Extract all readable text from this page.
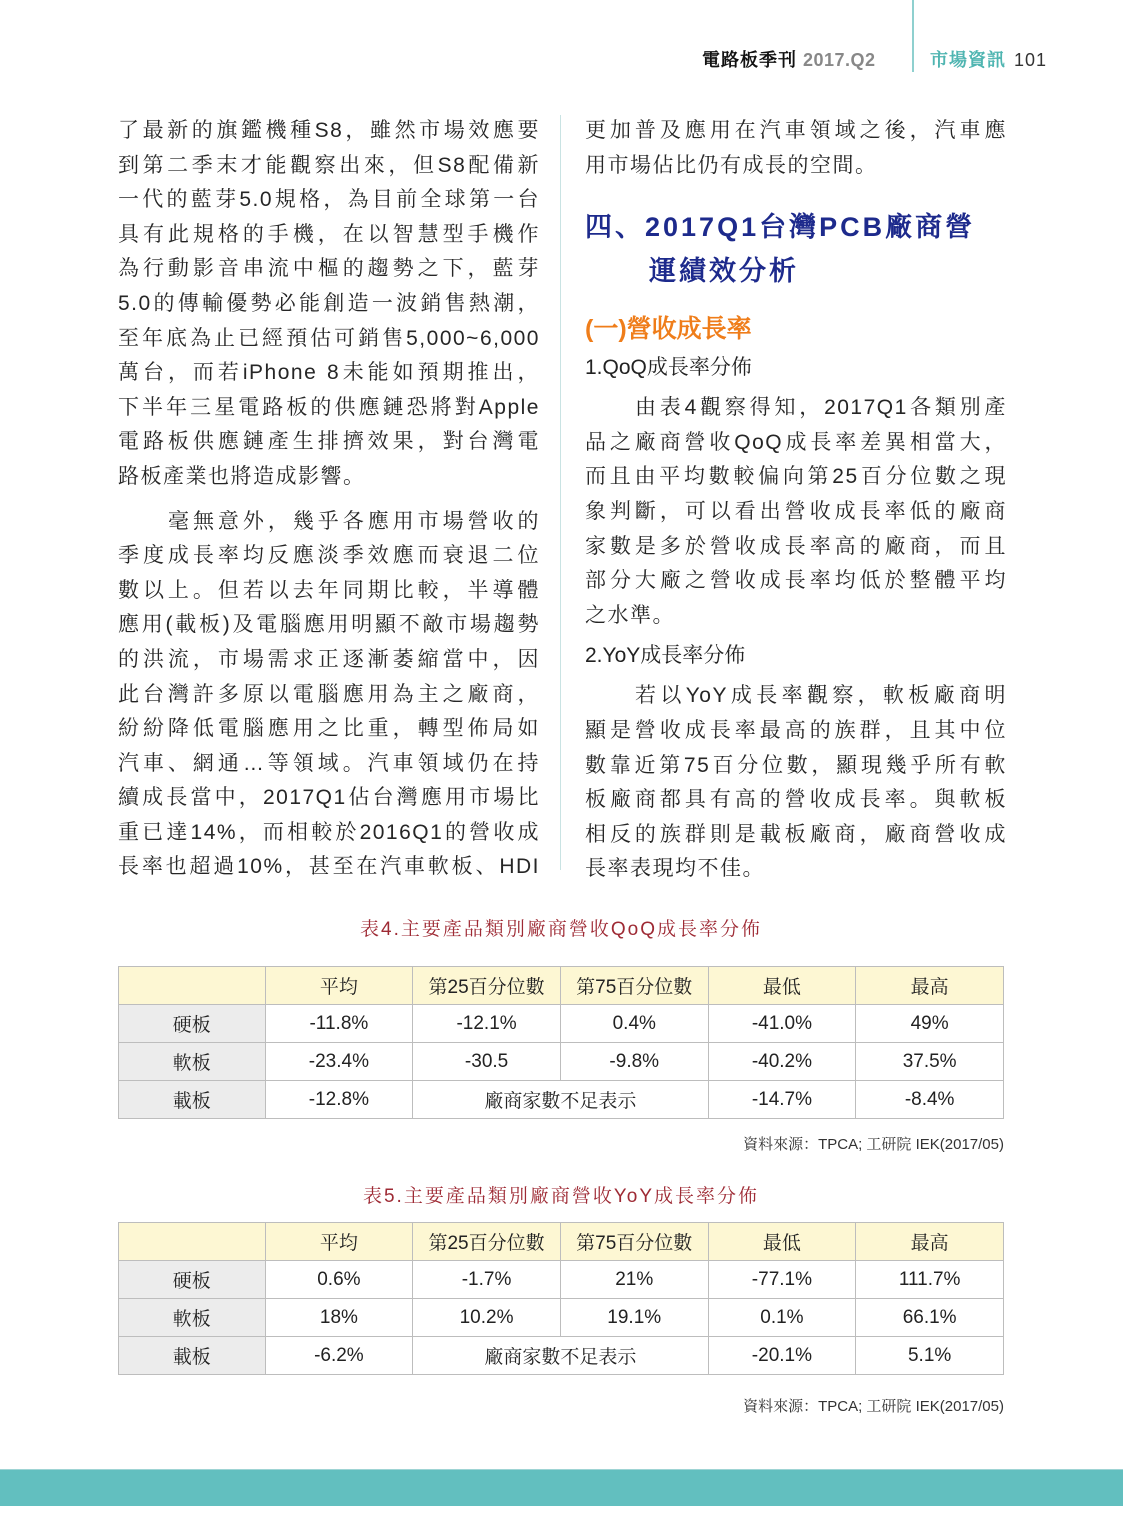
電路板季刊 2017.Q2	市場資訊 101
了最新的旗鑑機種S8，雖然市場效應要
到第二季末才能觀察出來，但S8配備新
一代的藍芽5.0規格，為目前全球第一台
具有此規格的手機，在以智慧型手機作
為行動影音串流中樞的趨勢之下，藍芽
5.0的傳輸優勢必能創造一波銷售熱潮，
至年底為止已經預估可銷售5,000~6,000
萬台，而若iPhone 8未能如預期推出，
下半年三星電路板的供應鏈恐將對Apple
電路板供應鏈產生排擠效果，對台灣電
路板產業也將造成影響。
毫無意外，幾乎各應用市場營收的
季度成長率均反應淡季效應而衰退二位
數以上。但若以去年同期比較，半導體
應用(載板)及電腦應用明顯不敵市場趨勢
的洪流，市場需求正逐漸萎縮當中，因
此台灣許多原以電腦應用為主之廠商，
紛紛降低電腦應用之比重，轉型佈局如
汽車、網通…等領域。汽車領域仍在持
續成長當中，2017Q1佔台灣應用市場比
重已達14%，而相較於2016Q1的營收成
長率也超過10%，甚至在汽車軟板、HDI
更加普及應用在汽車領域之後，汽車應
用市場佔比仍有成長的空間。
四、2017Q1台灣PCB廠商營
運績效分析
(一)營收成長率
1.QoQ成長率分佈
由表4觀察得知，2017Q1各類別產
品之廠商營收QoQ成長率差異相當大，
而且由平均數較偏向第25百分位數之現
象判斷，可以看出營收成長率低的廠商
家數是多於營收成長率高的廠商，而且
部分大廠之營收成長率均低於整體平均
之水準。
2.YoY成長率分佈
若以YoY成長率觀察，軟板廠商明
顯是營收成長率最高的族群，且其中位
數靠近第75百分位數，顯現幾乎所有軟
板廠商都具有高的營收成長率。與軟板
相反的族群則是載板廠商，廠商營收成
長率表現均不佳。
表4.主要產品類別廠商營收QoQ成長率分佈
	平均	第25百分位數	第75百分位數	最低	最高
硬板	-11.8%	-12.1%	0.4%	-41.0%	49%
軟板	-23.4%	-30.5	-9.8%	-40.2%	37.5%
載板	-12.8%	廠商家數不足表示		-14.7%	-8.4%
資料來源：TPCA; 工研院 IEK(2017/05)
表5.主要產品類別廠商營收YoY成長率分佈
	平均	第25百分位數	第75百分位數	最低	最高
硬板	0.6%	-1.7%	21%	-77.1%	111.7%
軟板	18%	10.2%	19.1%	0.1%	66.1%
載板	-6.2%	廠商家數不足表示		-20.1%	5.1%
資料來源：TPCA; 工研院 IEK(2017/05)
